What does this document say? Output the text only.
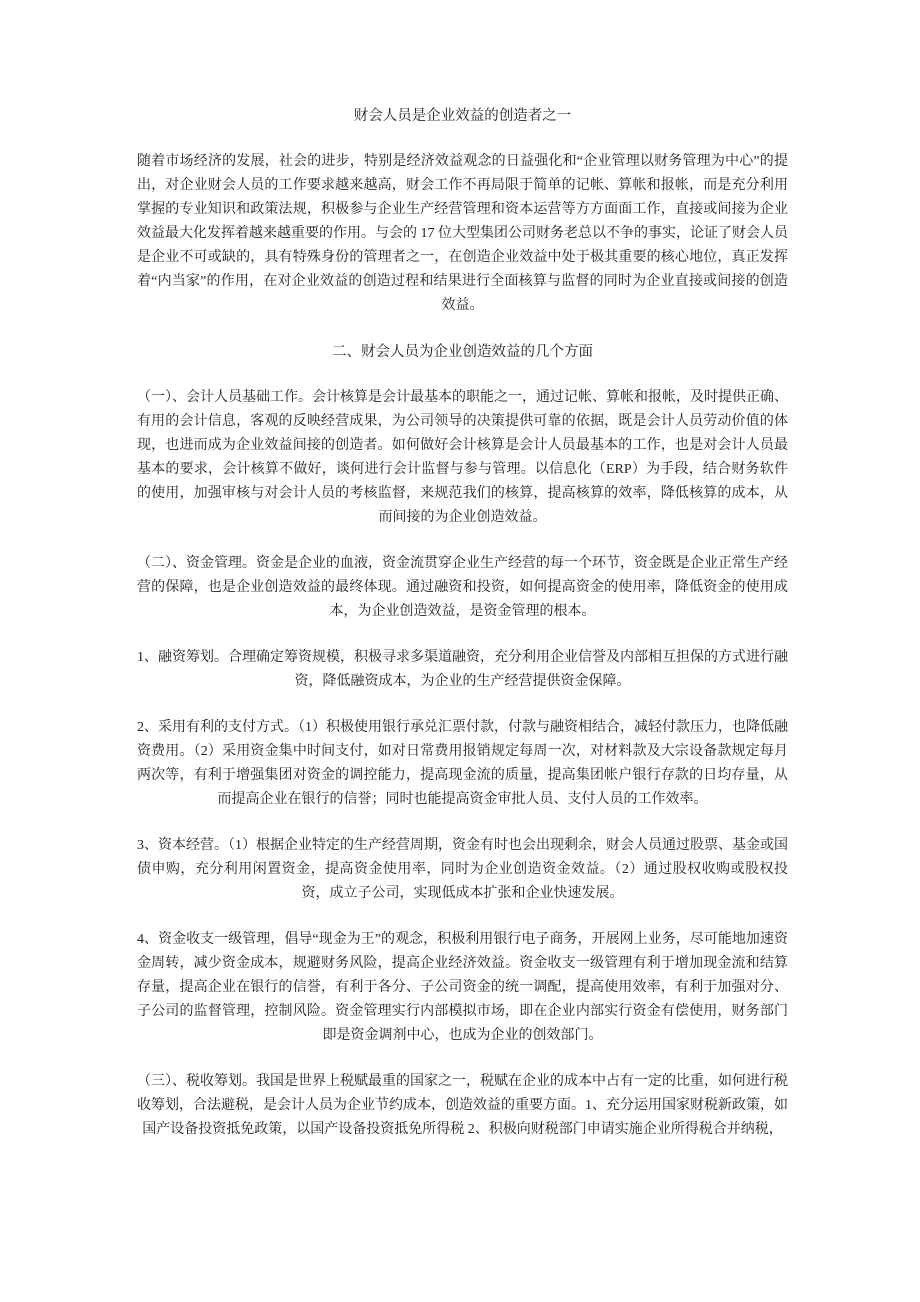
财会人员是企业效益的创造者之一

随着市场经济的发展，社会的进步，特别是经济效益观念的日益强化和“企业管理以财务管理为中心”的提出，对企业财会人员的工作要求越来越高，财会工作不再局限于简单的记帐、算帐和报帐，而是充分利用掌握的专业知识和政策法规，积极参与企业生产经营管理和资本运营等方方面面工作，直接或间接为企业效益最大化发挥着越来越重要的作用。与会的 17 位大型集团公司财务老总以不争的事实，论证了财会人员是企业不可或缺的，具有特殊身份的管理者之一，在创造企业效益中处于极其重要的核心地位，真正发挥着“内当家”的作用，在对企业效益的创造过程和结果进行全面核算与监督的同时为企业直接或间接的创造效益。

二、财会人员为企业创造效益的几个方面

（一）、会计人员基础工作。会计核算是会计最基本的职能之一，通过记帐、算帐和报帐，及时提供正确、有用的会计信息，客观的反映经营成果，为公司领导的决策提供可靠的依据，既是会计人员劳动价值的体现，也进而成为企业效益间接的创造者。如何做好会计核算是会计人员最基本的工作，也是对会计人员最基本的要求，会计核算不做好，谈何进行会计监督与参与管理。以信息化（ERP）为手段，结合财务软件的使用，加强审核与对会计人员的考核监督，来规范我们的核算，提高核算的效率，降低核算的成本，从而间接的为企业创造效益。

（二）、资金管理。资金是企业的血液，资金流贯穿企业生产经营的每一个环节，资金既是企业正常生产经营的保障，也是企业创造效益的最终体现。通过融资和投资，如何提高资金的使用率，降低资金的使用成本，为企业创造效益，是资金管理的根本。

1、融资筹划。合理确定筹资规模，积极寻求多渠道融资，充分利用企业信誉及内部相互担保的方式进行融资，降低融资成本，为企业的生产经营提供资金保障。

2、采用有利的支付方式。（1）积极使用银行承兑汇票付款，付款与融资相结合，减轻付款压力，也降低融资费用。（2）采用资金集中时间支付，如对日常费用报销规定每周一次，对材料款及大宗设备款规定每月两次等，有利于增强集团对资金的调控能力，提高现金流的质量，提高集团帐户银行存款的日均存量，从而提高企业在银行的信誉；同时也能提高资金审批人员、支付人员的工作效率。

3、资本经营。（1）根据企业特定的生产经营周期，资金有时也会出现剩余，财会人员通过股票、基金或国债申购，充分利用闲置资金，提高资金使用率，同时为企业创造资金效益。（2）通过股权收购或股权投资，成立子公司，实现低成本扩张和企业快速发展。

4、资金收支一级管理，倡导“现金为王”的观念，积极利用银行电子商务，开展网上业务，尽可能地加速资金周转，减少资金成本，规避财务风险，提高企业经济效益。资金收支一级管理有利于增加现金流和结算存量，提高企业在银行的信誉，有利于各分、子公司资金的统一调配，提高使用效率，有利于加强对分、子公司的监督管理，控制风险。资金管理实行内部模拟市场，即在企业内部实行资金有偿使用，财务部门即是资金调剂中心，也成为企业的创效部门。

（三）、税收筹划。我国是世界上税赋最重的国家之一，税赋在企业的成本中占有一定的比重，如何进行税收筹划，合法避税，是会计人员为企业节约成本，创造效益的重要方面。1、充分运用国家财税新政策，如国产设备投资抵免政策，以国产设备投资抵免所得税 2、积极向财税部门申请实施企业所得税合并纳税，
